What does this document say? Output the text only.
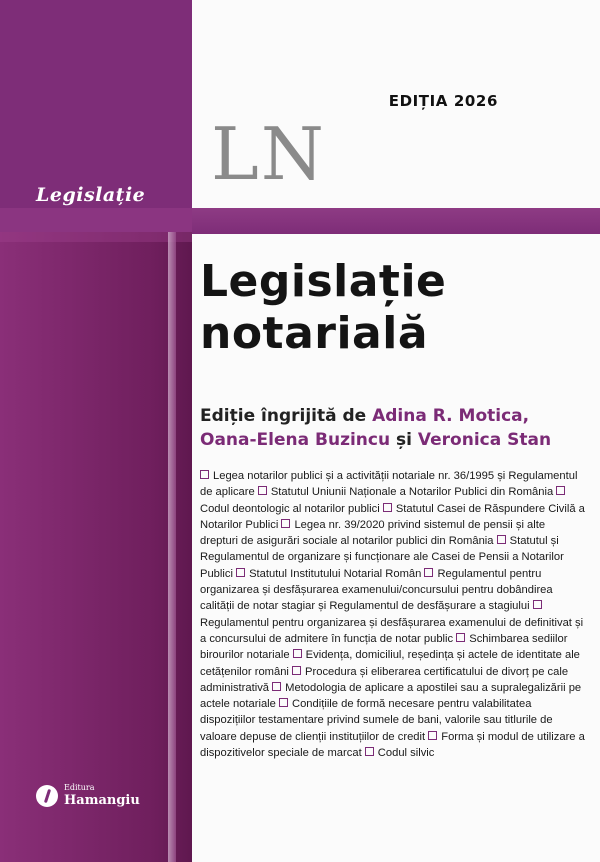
Legislație
EDIȚIA 2026
LN
Legislație
notarială
Ediție îngrijită de Adina R. Motica,
Oana-Elena Buzincu și Veronica Stan
Legea notarilor publici și a activității notariale nr. 36/1995 și Regulamentul de aplicare Statutul Uniunii Naționale a Notarilor Publici din România Codul deontologic al notarilor publici Statutul Casei de Răspundere Civilă a Notarilor Publici Legea nr. 39/2020 privind sistemul de pensii și alte drepturi de asigurări sociale al notarilor publici din România Statutul și Regulamentul de organizare și funcționare ale Casei de Pensii a Notarilor Publici Statutul Institutului Notarial Român Regulamentul pentru organizarea și desfășurarea examenului/concursului pentru dobândirea calității de notar stagiar și Regulamentul de desfășurare a stagiului Regulamentul pentru organizarea și desfășurarea examenului de definitivat și a concursului de admitere în funcția de notar public Schimbarea sediilor birourilor notariale Evidența, domiciliul, reședința și actele de identitate ale cetățenilor români Procedura și eliberarea certificatului de divorț pe cale administrativă Metodologia de aplicare a apostilei sau a supralegalizării pe actele notariale Condițiile de formă necesare pentru valabilitatea dispozițiilor testamentare privind sumele de bani, valorile sau titlurile de valoare depuse de clienții instituțiilor de credit Forma și modul de utilizare a dispozitivelor speciale de marcat Codul silvic
Editura
Hamangiu
